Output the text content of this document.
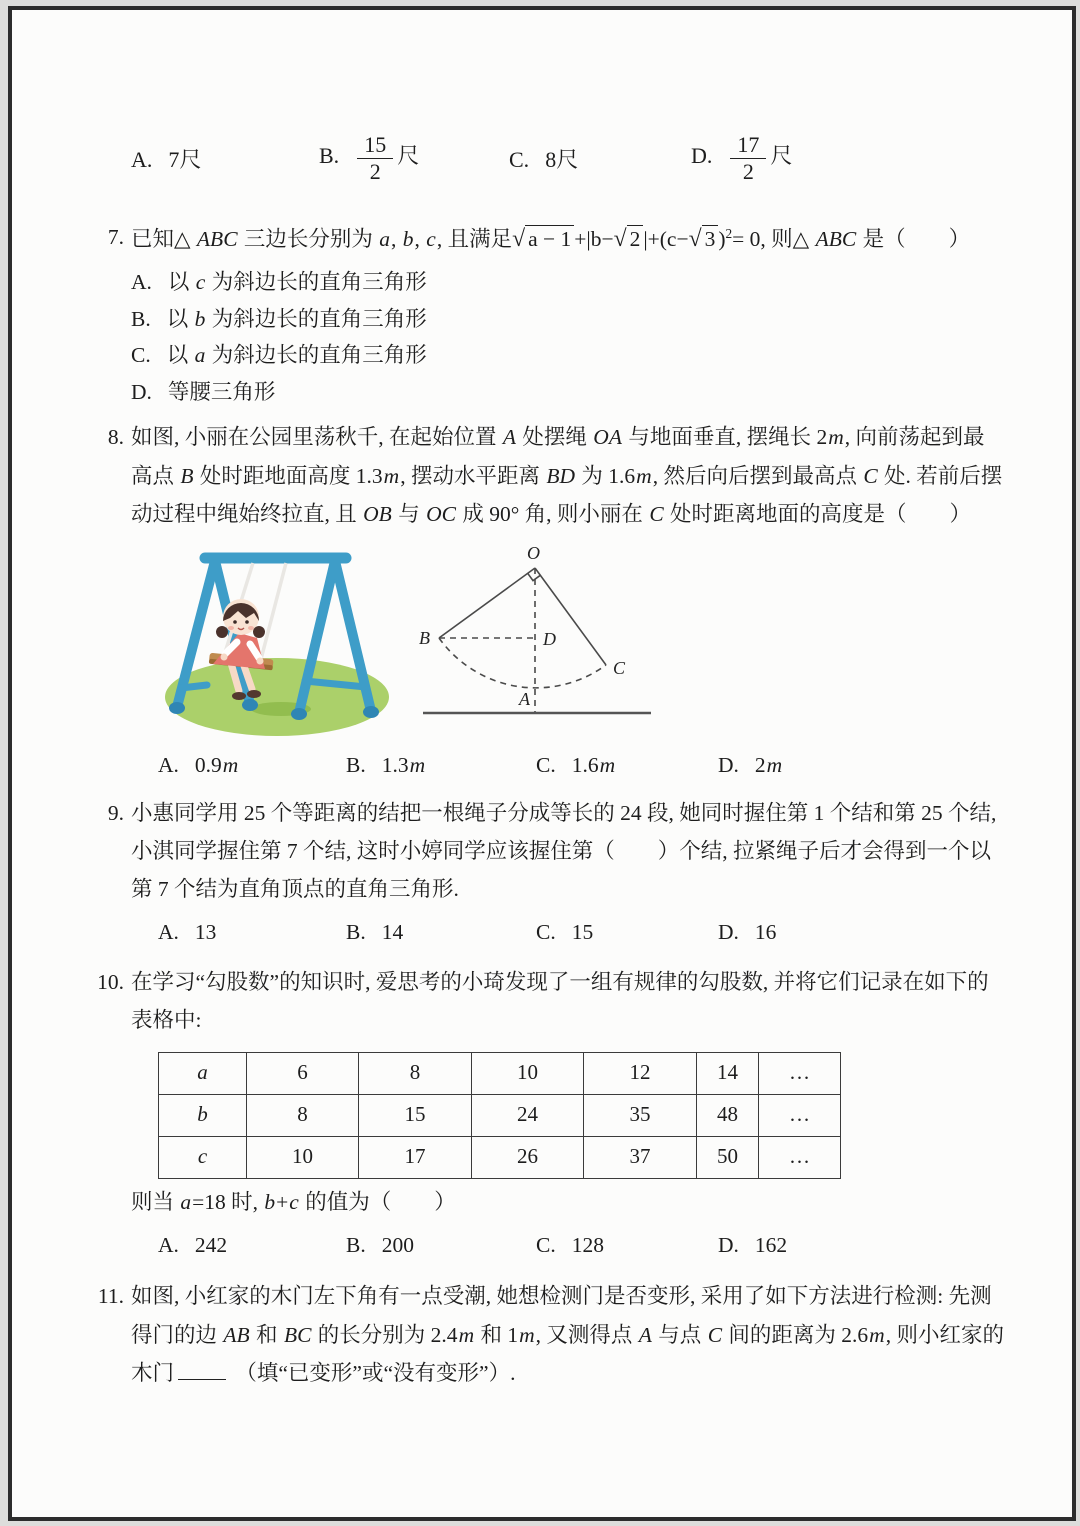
A. 7尺	B. $\frac{15}{2}$ 尺	C. 8尺	D. $\frac{17}{2}$ 尺
7. 已知△ ABC 三边长分别为 a, b, c, 且满足√ a − 1 +|b−√ 2 |+(c−√ 3 )$^2$= 0, 则△ ABC 是（　　）
A. 以 c 为斜边长的直角三角形
B. 以 b 为斜边长的直角三角形
C. 以 a 为斜边长的直角三角形
D. 等腰三角形
8. 如图, 小丽在公园里荡秋千, 在起始位置 A 处摆绳 OA 与地面垂直, 摆绳长 2m, 向前荡起到最高点 B 处时距地面高度 1.3m, 摆动水平距离 BD 为 1.6m, 然后向后摆到最高点 C 处. 若前后摆动过程中绳始终拉直, 且 OB 与 OC 成 90° 角, 则小丽在 C 处时距离地面的高度是（　　）
O
B	D
C
A
A. 0.9m	B. 1.3m	C. 1.6m	D. 2m
9. 小惠同学用 25 个等距离的结把一根绳子分成等长的 24 段, 她同时握住第 1 个结和第 25 个结, 小淇同学握住第 7 个结, 这时小婷同学应该握住第（　　）个结, 拉紧绳子后才会得到一个以第 7 个结为直角顶点的直角三角形.
A. 13	B. 14	C. 15	D. 16
10. 在学习“勾股数”的知识时, 爱思考的小琦发现了一组有规律的勾股数, 并将它们记录在如下的表格中:
a	6	8	10	12	14	…
b	8	15	24	35	48	…
c	10	17	26	37	50	…
则当 a=18 时, b+c 的值为（　　）
A. 242	B. 200	C. 128	D. 162
11. 如图, 小红家的木门左下角有一点受潮, 她想检测门是否变形, 采用了如下方法进行检测: 先测得门的边 AB 和 BC 的长分别为 2.4m 和 1m, 又测得点 A 与点 C 间的距离为 2.6m, 则小红家的木门	（填“已变形”或“没有变形”）.
